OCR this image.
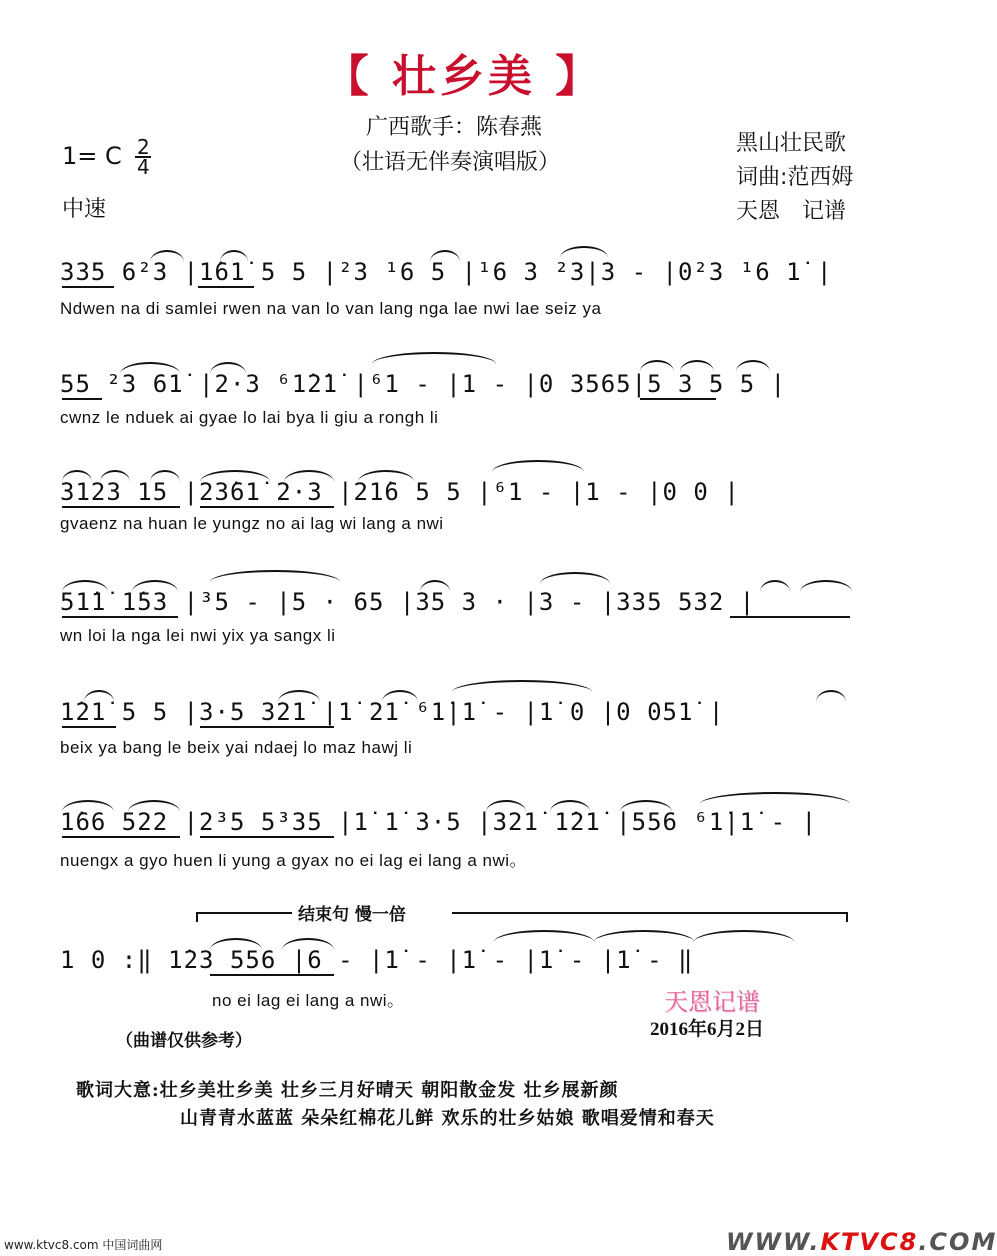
【 壮乡美 】
广西歌手：陈春燕
（壮语无伴奏演唱版）
黑山壮民歌
词曲:范西姆
天恩　记谱
1= C $\frac{2}{4}$
中速
335 6²3 |1̇61̇ 5 5 |²3 ¹6 5 |¹6 3 ²3|3 - |0²3 ¹6 1̇ |
Ndwen na di samlei rwen na van lo van lang nga lae nwi lae seiz ya
55 ²3 61̇ |2·3 ⁶1̇2̇1̇ |⁶1 - |1 - |0 3565|5 3 5 5 |
cwnz le nduek ai gyae lo lai bya li giu a rongh li
3123 15 |23̇61̇ 2·3 |21̇6 5 5 |⁶1 - |1 - |0 0 |
gvaenz na huan le yungz no ai lag wi lang a nwi
51̇1̇ 1̇53 |³5 - |5 · 65 |35 3 · |3 - |335 532 |
wn loi la nga lei nwi yix ya sangx li
1̇21̇ 5 5 |3·5 321̇ |1̇ 21̇ ⁶1̇|1̇ - |1̇ 0 |0 051̇ |
beix ya bang le beix yai ndaej lo maz hawj li
1̇66 522 |2³5 5³35 |1̇ 1̇ 3·5 |321̇ 1̇21̇ |556 ⁶1̇|1̇ - |
nuengx a gyo huen li yung a gyax no ei lag ei lang a nwi。
结束句 慢一倍
1 0 :‖ 1̇23 556 |6 - |1̇ - |1̇ - |1̇ - |1̇ - ‖
no ei lag ei lang a nwi。	天恩记谱
2016年6月2日
（曲谱仅供参考）
歌词大意:壮乡美壮乡美 壮乡三月好晴天 朝阳散金发 壮乡展新颜
山青青水蓝蓝 朵朵红棉花儿鲜 欢乐的壮乡姑娘 歌唱爱情和春天
www.ktvc8.com 中国词曲网	WWW.KTVC8.COM
